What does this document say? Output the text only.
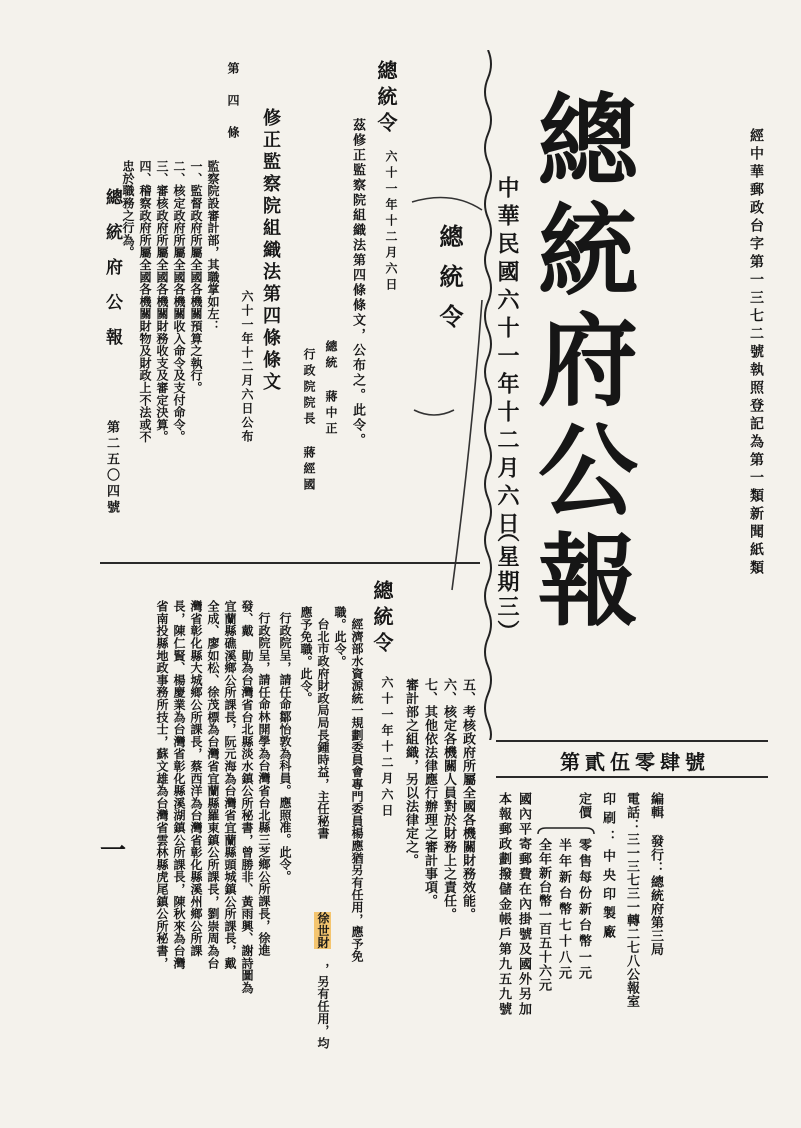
總統府公報	經中華郵政台字第一三七二號執照登記為第一類新聞紙類
中華民國六十一年十二月六日
（星期三）
第貳伍零肆號
編輯 發行：總統府第三局
電話：三一三七三一轉二七八公報室
印刷：中央印製廠
定價
零售每份新台幣一元
半年新台幣七十八元
全年新台幣一百五十六元
國內平寄郵費在內掛號及國外另加
本報郵政劃撥儲金帳戶第九五九號
總統令
六十一年十二月六日
茲修正監察院組織法第四條條文，公布之。此令。
總統 蔣中正
行政院院長 蔣經國
總統令
修正監察院組織法第四條條文
六十一年十二月六日公布
第四條
監察院設審計部，其職掌如左：
一、監督政府所屬全國各機關預算之執行。
二、核定政府所屬全國各機關收入命令及支付命令。
三、審核政府所屬全國各機關財務收支及審定決算。
四、稽察政府所屬全國各機關財物及財政上不法或不
忠於職務之行為。
總統府公報
第二五〇四號
五、考核政府所屬全國各機關財務效能。
六、核定各機關人員對於財務上之責任。
七、其他依法律應行辦理之審計事項。
審計部之組織，另以法律定之。
總統令
六十一年十二月六日
經濟部水資源統一規劃委員會專門委員楊應猶另有任用，應予免
職。此令。
台北市政府財政局局長鍾時益，主任秘書
徐世財
，另有任用，均
應予免職。此令。
行政院呈，請任命鄒怡敦為科員。應照准。此令。
行政院呈，請任命林開學為台灣省台北縣三芝鄉公所課長，徐進
發、戴　勛為台灣省台北縣淡水鎮公所秘書，曾勝非、黃雨興、謝詩圖為
宜蘭縣礁溪鄉公所課長，阮元海為台灣省宜蘭縣頭城鎮公所課長，戴
全成、廖如松、徐茂標為台灣省宜蘭縣羅東鎮公所課長，劉崇周為台
灣省彰化縣大城鄉公所課長，蔡西洋為台灣省彰化縣溪州鄉公所課
長，陳仁賢、楊慶業為台灣省彰化縣溪湖鎮公所課長，陳秋來為台灣
省南投縣地政事務所技士，蘇文雄為台灣省雲林縣虎尾鎮公所秘書，
一
